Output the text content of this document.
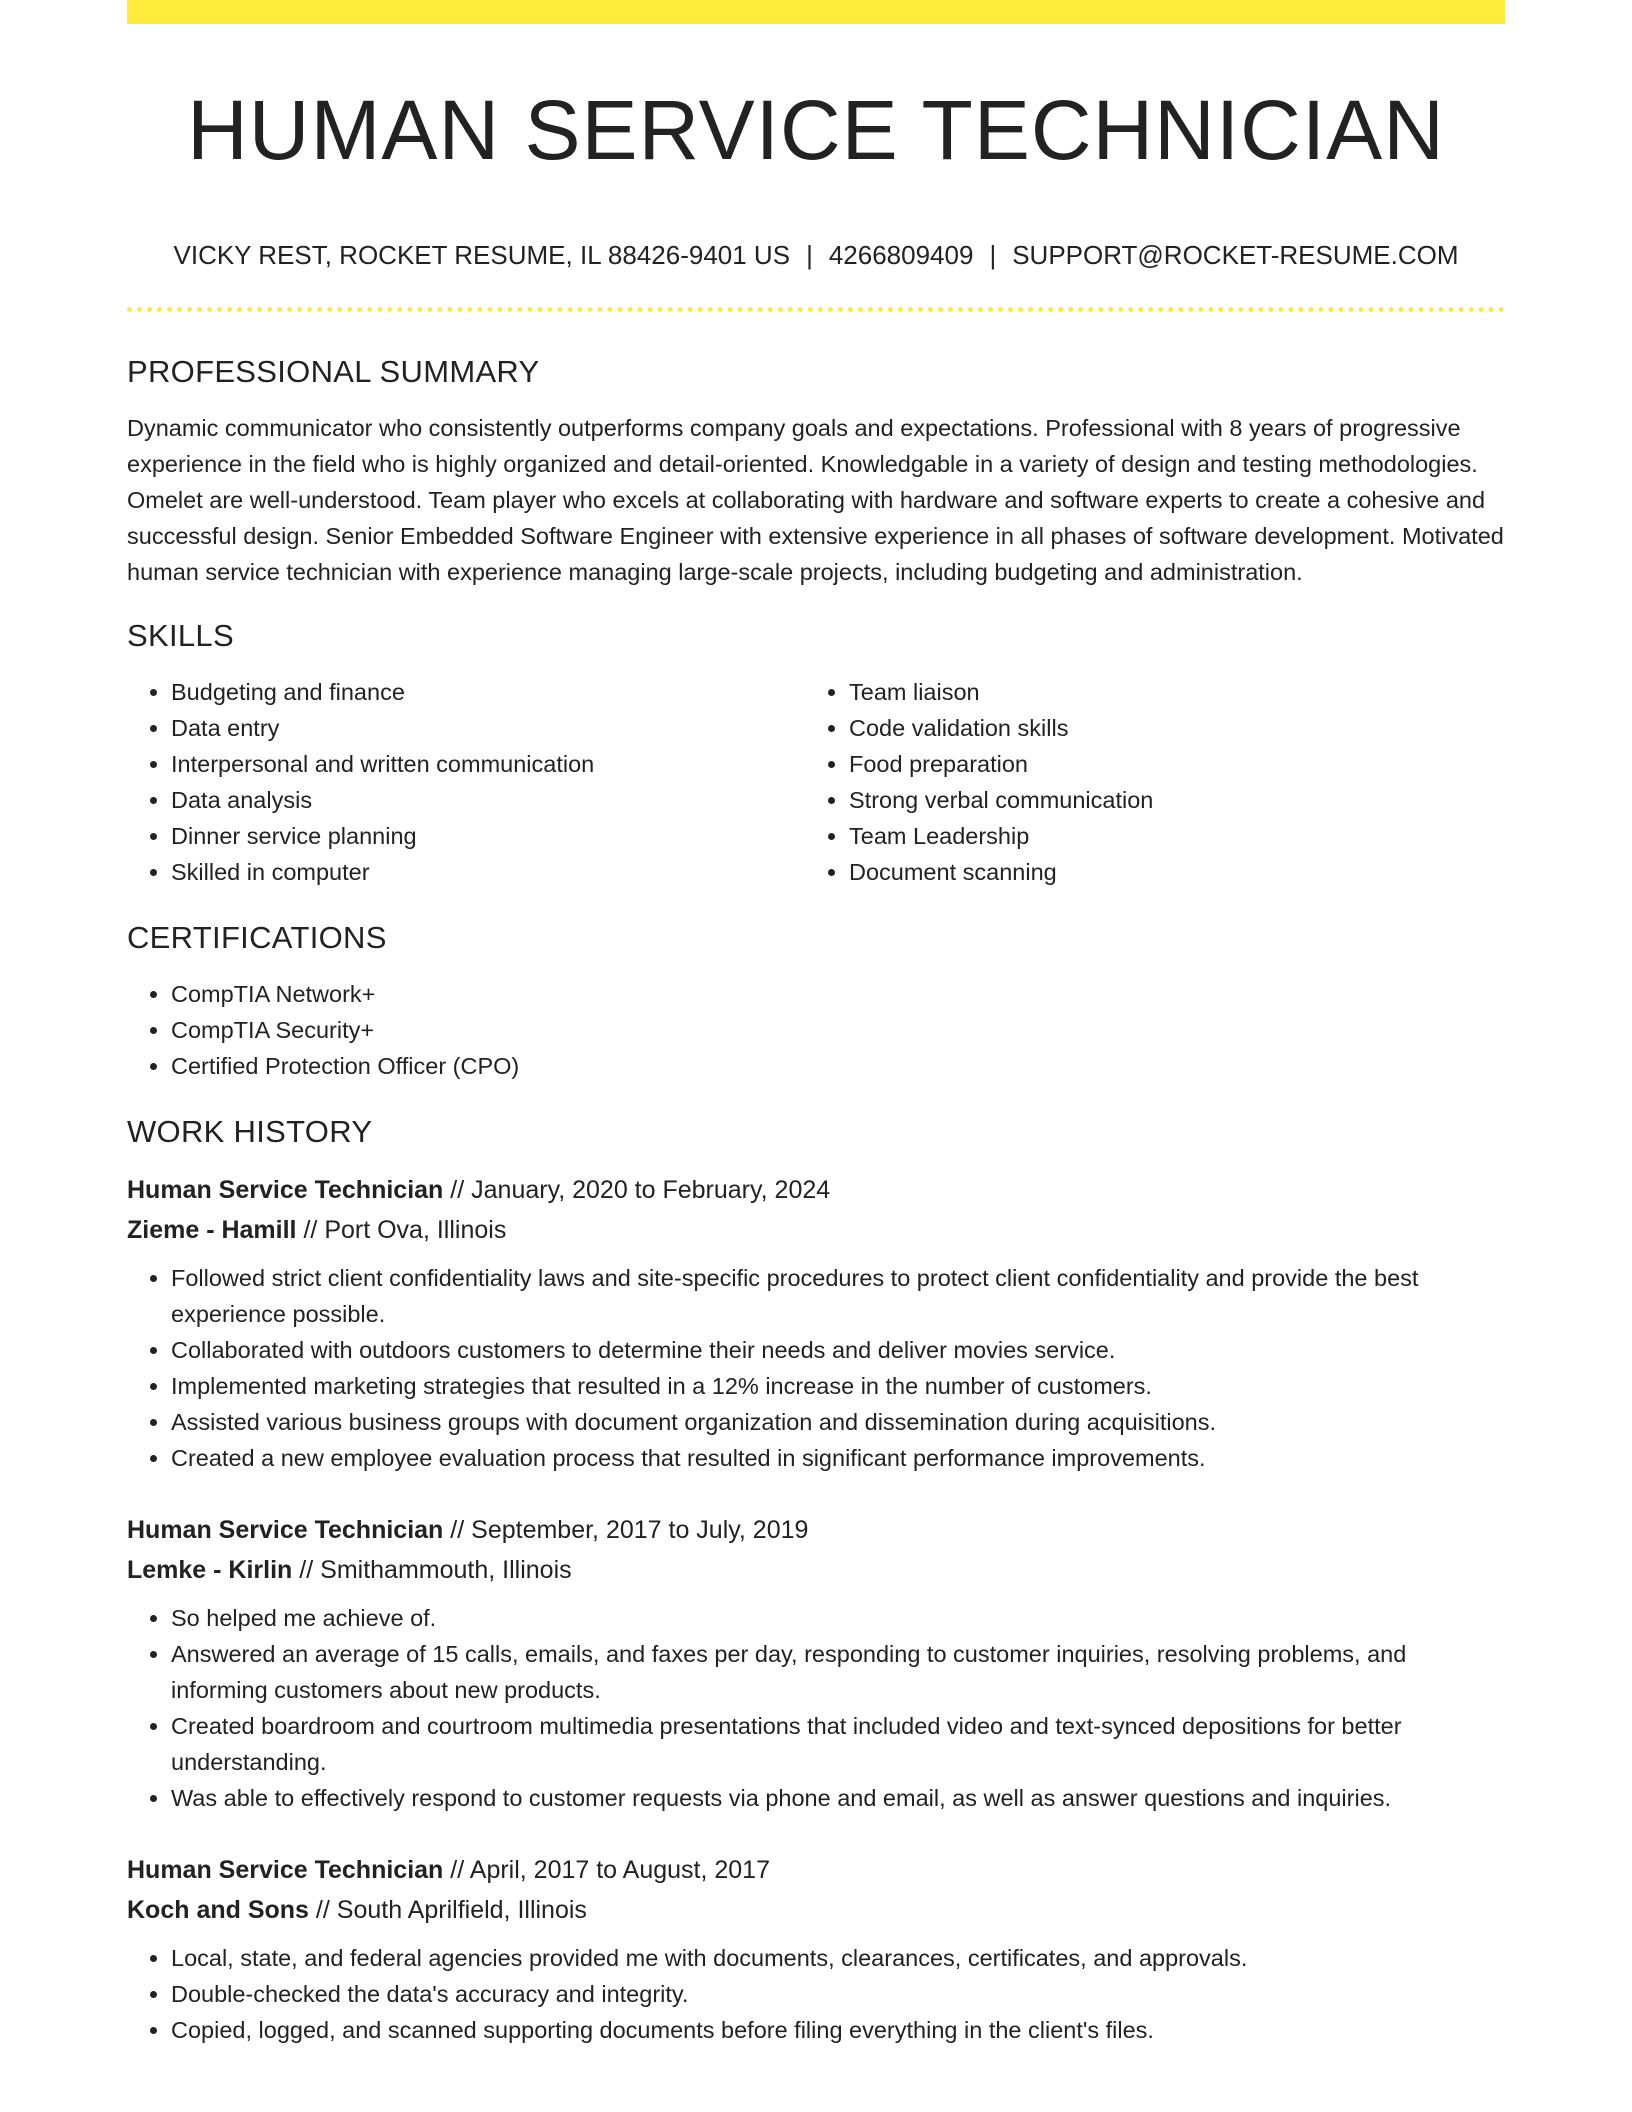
HUMAN SERVICE TECHNICIAN
VICKY REST, ROCKET RESUME, IL 88426-9401 US | 4266809409 | SUPPORT@ROCKET-RESUME.COM
PROFESSIONAL SUMMARY

Dynamic communicator who consistently outperforms company goals and expectations. Professional with 8 years of progressive experience in the field who is highly organized and detail-oriented. Knowledgable in a variety of design and testing methodologies. Omelet are well-understood. Team player who excels at collaborating with hardware and software experts to create a cohesive and successful design. Senior Embedded Software Engineer with extensive experience in all phases of software development. Motivated human service technician with experience managing large-scale projects, including budgeting and administration.

SKILLS
• Budgeting and finance
• Data entry
• Interpersonal and written communication
• Data analysis
• Dinner service planning
• Skilled in computer
• Team liaison
• Code validation skills
• Food preparation
• Strong verbal communication
• Team Leadership
• Document scanning
CERTIFICATIONS
• CompTIA Network+
• CompTIA Security+
• Certified Protection Officer (CPO)
WORK HISTORY
Human Service Technician // January, 2020 to February, 2024
Zieme - Hamill // Port Ova, Illinois
• Followed strict client confidentiality laws and site-specific procedures to protect client confidentiality and provide the best experience possible.
• Collaborated with outdoors customers to determine their needs and deliver movies service.
• Implemented marketing strategies that resulted in a 12% increase in the number of customers.
• Assisted various business groups with document organization and dissemination during acquisitions.
• Created a new employee evaluation process that resulted in significant performance improvements.
Human Service Technician // September, 2017 to July, 2019
Lemke - Kirlin // Smithammouth, Illinois
• So helped me achieve of.
• Answered an average of 15 calls, emails, and faxes per day, responding to customer inquiries, resolving problems, and informing customers about new products.
• Created boardroom and courtroom multimedia presentations that included video and text-synced depositions for better understanding.
• Was able to effectively respond to customer requests via phone and email, as well as answer questions and inquiries.
Human Service Technician // April, 2017 to August, 2017
Koch and Sons // South Aprilfield, Illinois
• Local, state, and federal agencies provided me with documents, clearances, certificates, and approvals.
• Double-checked the data's accuracy and integrity.
• Copied, logged, and scanned supporting documents before filing everything in the client's files.
